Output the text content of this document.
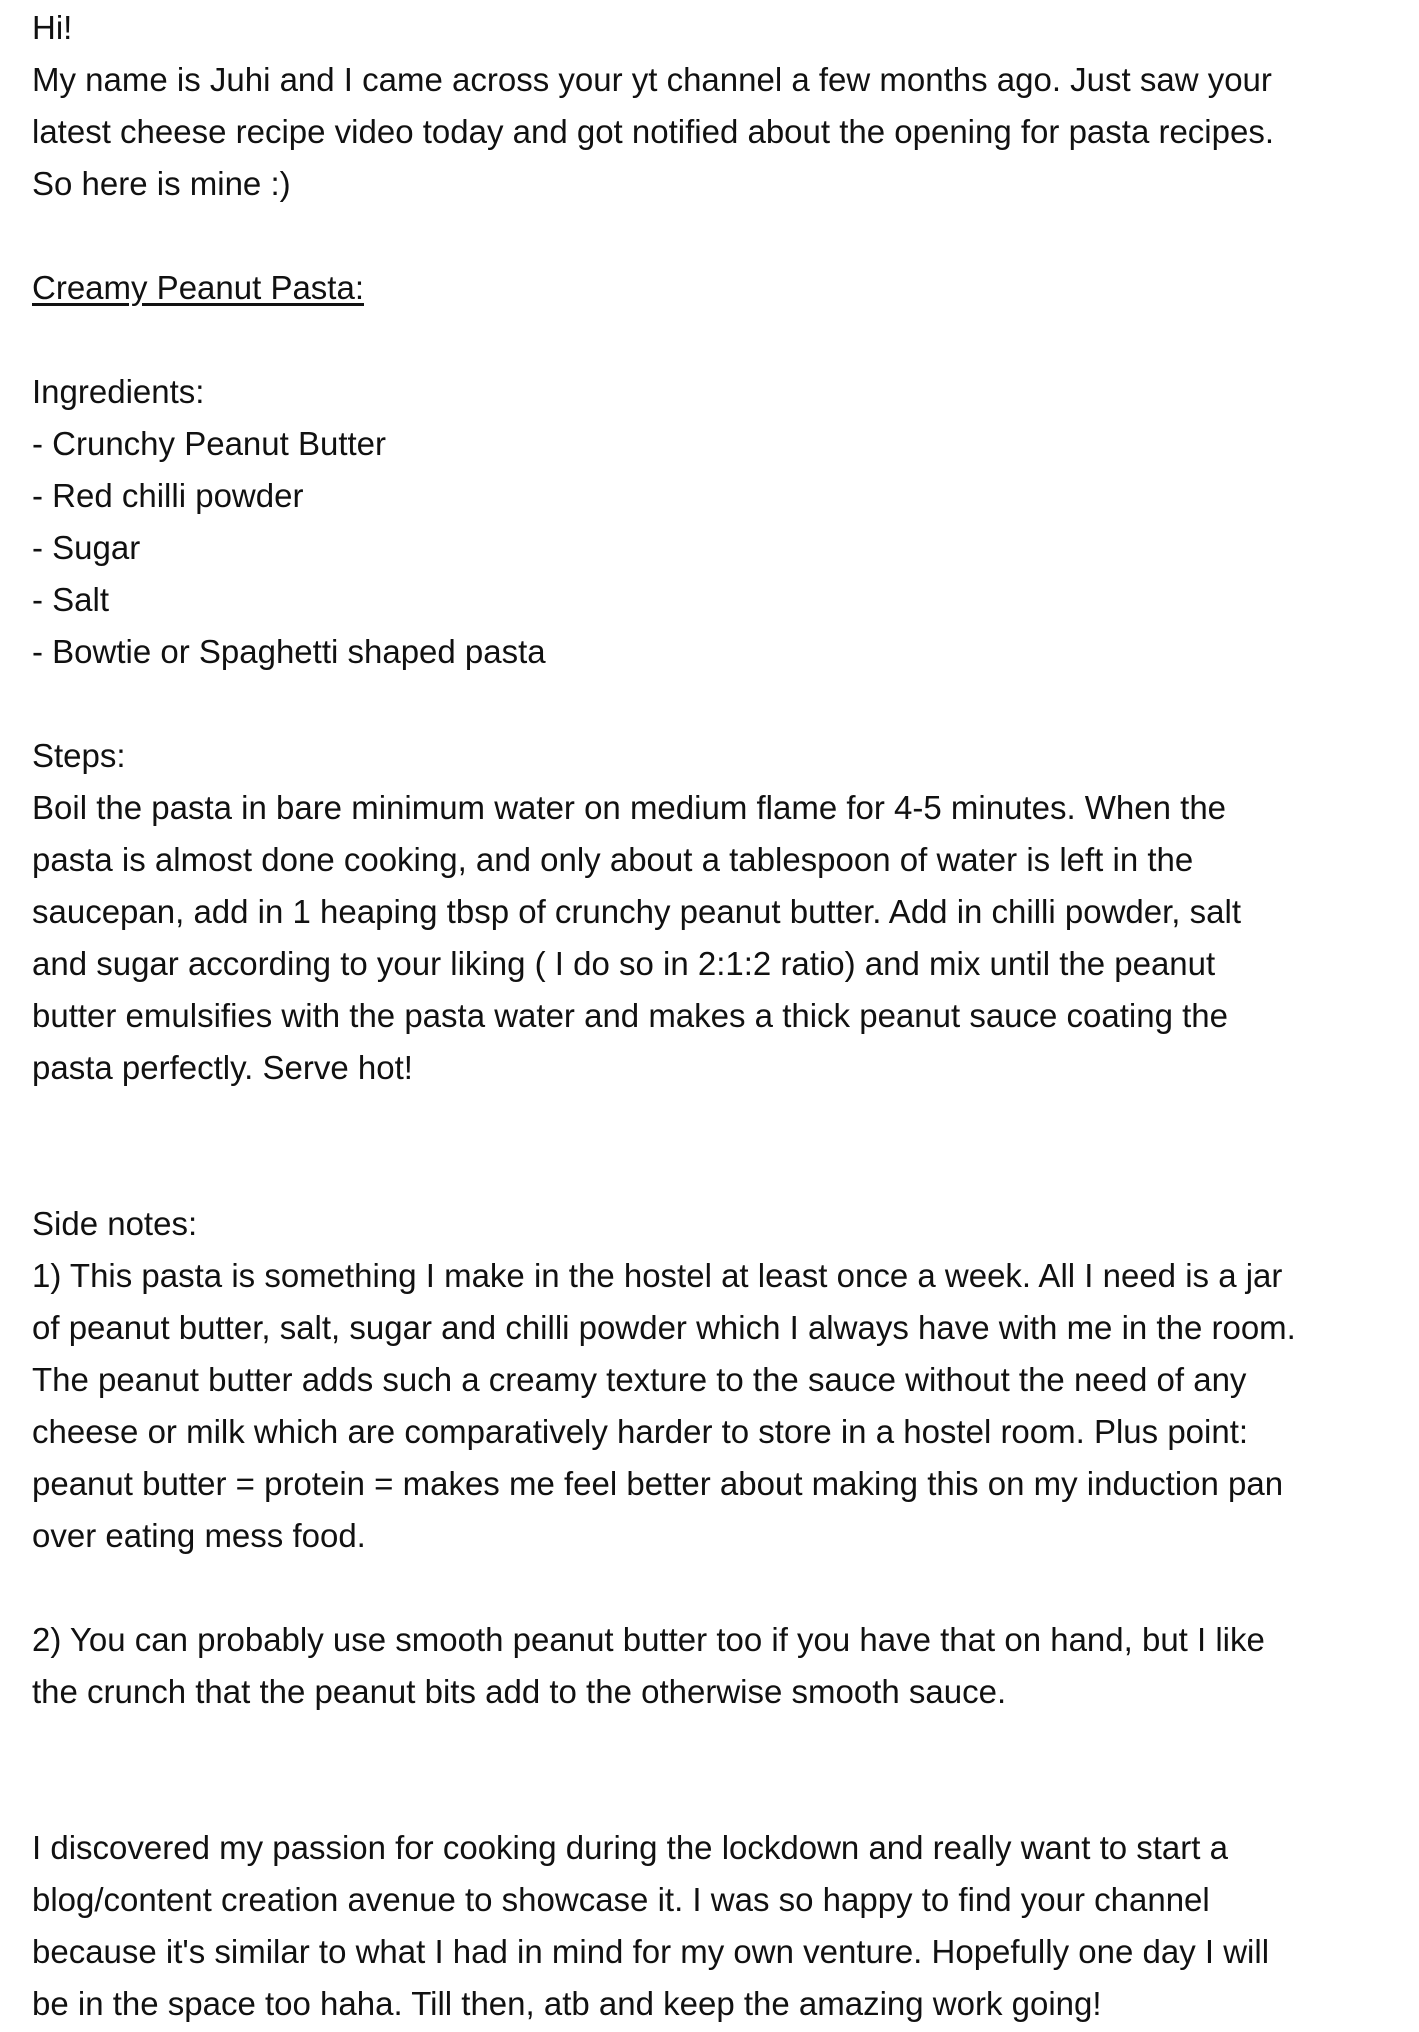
Hi!

My name is Juhi and I came across your yt channel a few months ago. Just saw your

latest cheese recipe video today and got notified about the opening for pasta recipes.

So here is mine :)

Creamy Peanut Pasta:

Ingredients:

- Crunchy Peanut Butter

- Red chilli powder

- Sugar

- Salt

- Bowtie or Spaghetti shaped pasta

Steps:

Boil the pasta in bare minimum water on medium flame for 4-5 minutes. When the

pasta is almost done cooking, and only about a tablespoon of water is left in the

saucepan, add in 1 heaping tbsp of crunchy peanut butter. Add in chilli powder, salt

and sugar according to your liking ( I do so in 2:1:2 ratio) and mix until the peanut

butter emulsifies with the pasta water and makes a thick peanut sauce coating the

pasta perfectly. Serve hot!

Side notes:

1) This pasta is something I make in the hostel at least once a week. All I need is a jar

of peanut butter, salt, sugar and chilli powder which I always have with me in the room.

The peanut butter adds such a creamy texture to the sauce without the need of any

cheese or milk which are comparatively harder to store in a hostel room. Plus point:

peanut butter = protein = makes me feel better about making this on my induction pan

over eating mess food.

2) You can probably use smooth peanut butter too if you have that on hand, but I like

the crunch that the peanut bits add to the otherwise smooth sauce.

I discovered my passion for cooking during the lockdown and really want to start a

blog/content creation avenue to showcase it. I was so happy to find your channel

because it's similar to what I had in mind for my own venture. Hopefully one day I will

be in the space too haha. Till then, atb and keep the amazing work going!
